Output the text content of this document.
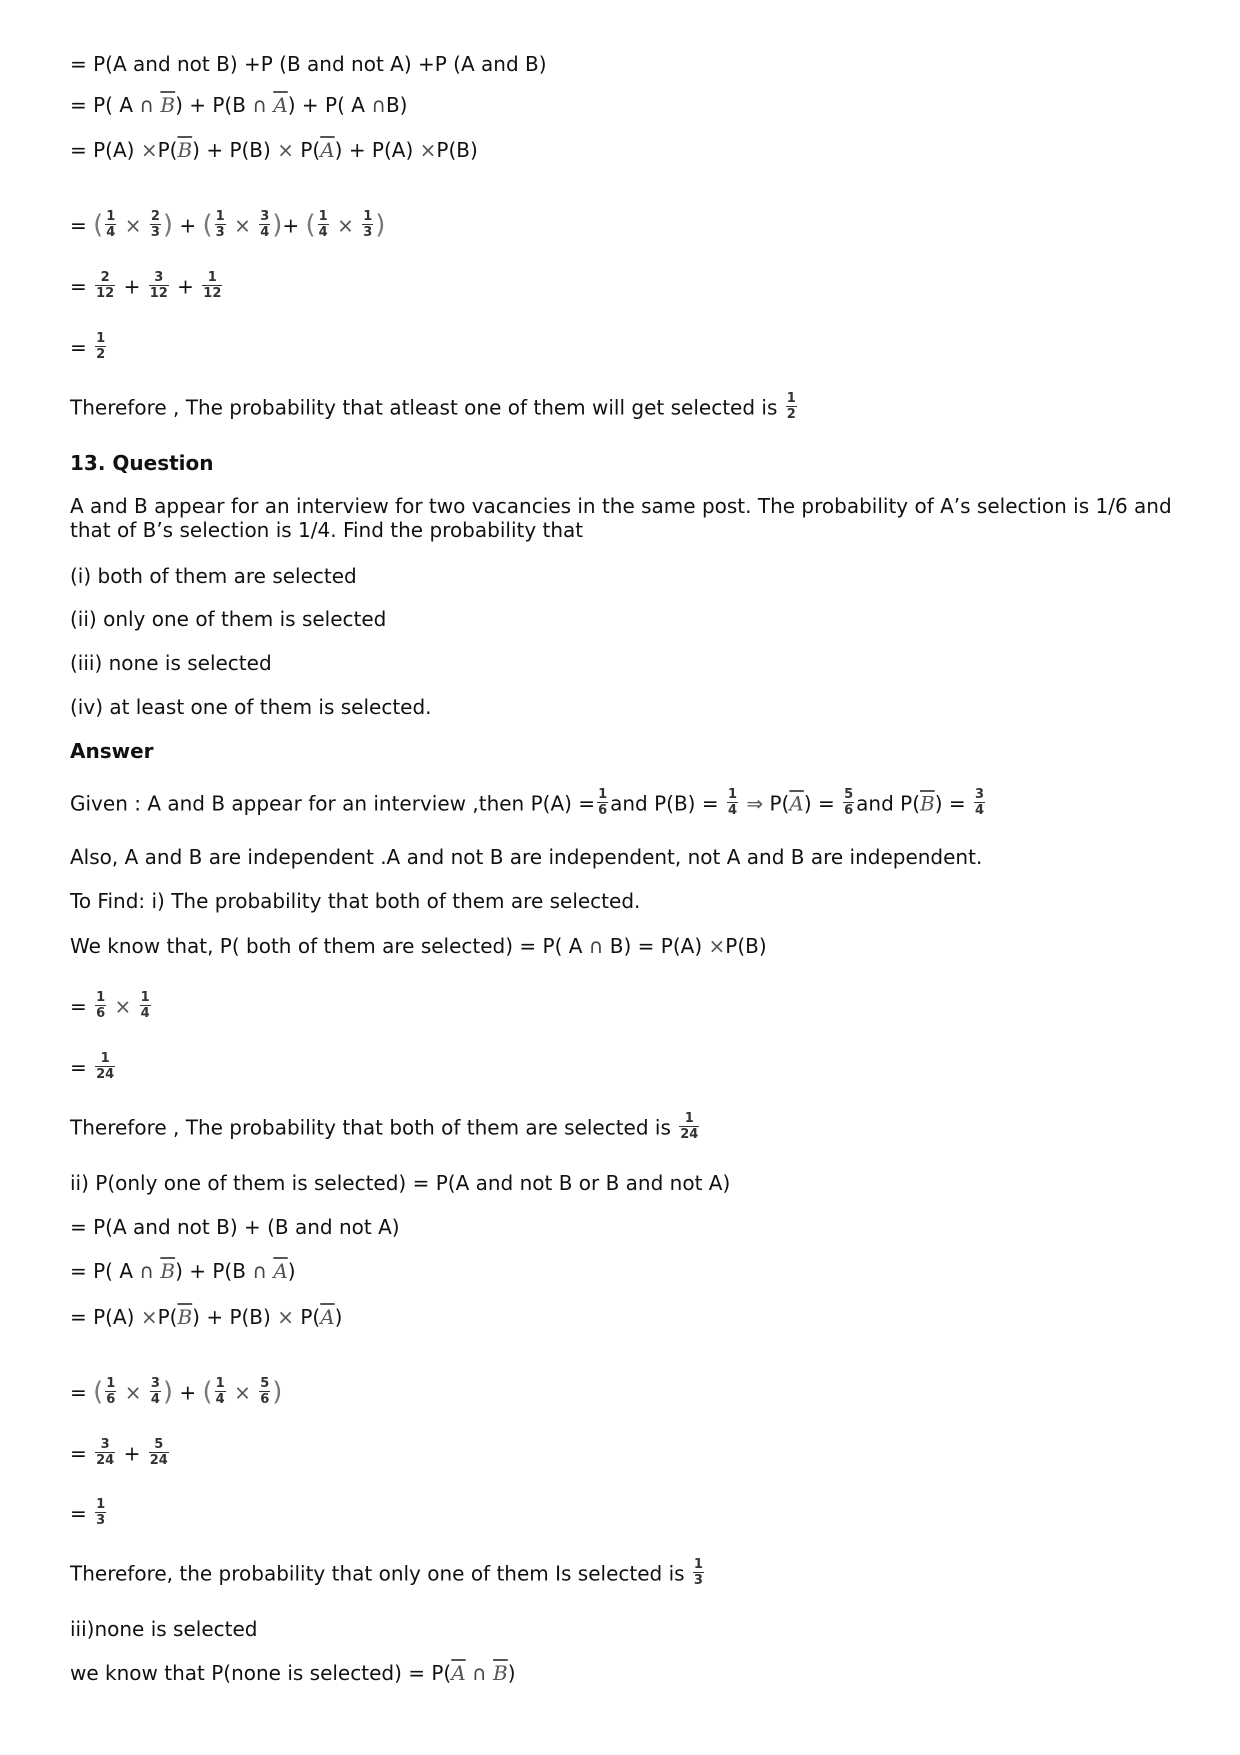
= P(A and not B) +P (B and not A) +P (A and B)
= P( A ∩ $\overline{B}) + P(B$ ∩ $\overline{A}) + P$( A ∩B)
= $P(A) \times P(\overline{B}) + P(B) \times P(\overline{A}) + P(A) \times P(B)$
= ( $\frac{1}{4} \times \frac{2}{3}$ ) + ( $\frac{1}{3} \times \frac{3}{4}$ )+ ( $\frac{1}{4} \times \frac{1}{3}$ )
= $\frac{2}{12} + \frac{3}{12} + \frac{1}{12}$
= $\frac{1}{2}$
Therefore , The probability that atleast one of them will get selected is $\frac{1}{2}$
13. Question
A and B appear for an interview for two vacancies in the same post. The probability of A’s selection is 1/6 and that of B’s selection is 1/4. Find the probability that
(i) both of them are selected
(ii) only one of them is selected
(iii) none is selected
(iv) at least one of them is selected.
Answer
Given : A and B appear for an interview ,then $P(A) = \frac{1}{6}$ and $P(B) = \frac{1}{4}$ ⇒ $P(\overline{A}) = \frac{5}{6}$ and $P(\overline{B}) = \frac{3}{4}$
Also, A and B are independent .A and not B are independent, not A and B are independent.
To Find: i) The probability that both of them are selected.
We know that, P( both of them are selected) = P( A ∩ B) = P(A) ×P(B)
= $\frac{1}{6} \times \frac{1}{4}$
= $\frac{1}{24}$
Therefore , The probability that both of them are selected is $\frac{1}{24}$
ii) P(only one of them is selected) = P(A and not B or B and not A)
= P(A and not B) + (B and not A)
= P( A ∩ $\overline{B}) + P(B$ ∩ $\overline{A}$)
= $P(A) \times P(\overline{B}) + P(B) \times P(\overline{A})$
= ( $\frac{1}{6} \times \frac{3}{4}$ ) + ( $\frac{1}{4} \times \frac{5}{6}$ )
= $\frac{3}{24} + \frac{5}{24}$
= $\frac{1}{3}$
Therefore, the probability that only one of them Is selected is $\frac{1}{3}$
iii)none is selected
we know that P(none is selected) = $P(\overline{A}$ ∩ $\overline{B}$)
